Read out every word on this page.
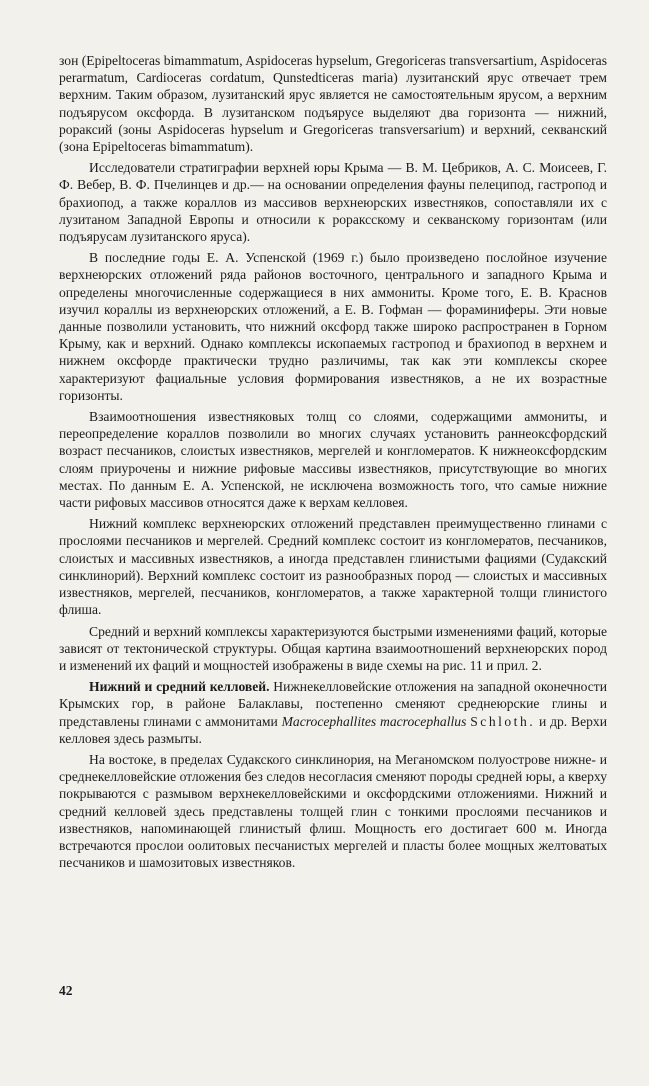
зон (Epipeltoceras bimammatum, Aspidoceras hypselum, Gregoriceras transversartium, Aspidoceras perarmatum, Cardioceras cordatum, Qunstedticeras maria) лузитанский ярус отвечает трем верхним. Таким образом, лузитанский ярус является не самостоятельным ярусом, а верхним подъярусом оксфорда. В лузитанском подъярусе выделяют два горизонта — нижний, рораксий (зоны Aspidoceras hypselum и Gregoriceras transversarium) и верхний, секванский (зона Epipeltoceras bimammatum).

Исследователи стратиграфии верхней юры Крыма — В. М. Цебриков, А. С. Моисеев, Г. Ф. Вебер, В. Ф. Пчелинцев и др.— на основании определения фауны пелеципод, гастропод и брахиопод, а также кораллов из массивов верхнеюрских известняков, сопоставляли их с лузитаном Западной Европы и относили к рораксскому и секванскому горизонтам (или подъярусам лузитанского яруса).

В последние годы Е. А. Успенской (1969 г.) было произведено послойное изучение верхнеюрских отложений ряда районов восточного, центрального и западного Крыма и определены многочисленные содержащиеся в них аммониты. Кроме того, Е. В. Краснов изучил кораллы из верхнеюрских отложений, а Е. В. Гофман — фораминиферы. Эти новые данные позволили установить, что нижний оксфорд также широко распространен в Горном Крыму, как и верхний. Однако комплексы ископаемых гастропод и брахиопод в верхнем и нижнем оксфорде практически трудно различимы, так как эти комплексы скорее характеризуют фациальные условия формирования известняков, а не их возрастные горизонты.

Взаимоотношения известняковых толщ со слоями, содержащими аммониты, и переопределение кораллов позволили во многих случаях установить раннеоксфордский возраст песчаников, слоистых известняков, мергелей и конгломератов. К нижнеоксфордским слоям приурочены и нижние рифовые массивы известняков, присутствующие во многих местах. По данным Е. А. Успенской, не исключена возможность того, что самые нижние части рифовых массивов относятся даже к верхам келловея.

Нижний комплекс верхнеюрских отложений представлен преимущественно глинами с прослоями песчаников и мергелей. Средний комплекс состоит из конгломератов, песчаников, слоистых и массивных известняков, а иногда представлен глинистыми фациями (Судакский синклинорий). Верхний комплекс состоит из разнообразных пород — слоистых и массивных известняков, мергелей, песчаников, конгломератов, а также характерной толщи глинистого флиша.

Средний и верхний комплексы характеризуются быстрыми изменениями фаций, которые зависят от тектонической структуры. Общая картина взаимоотношений верхнеюрских пород и изменений их фаций и мощностей изображены в виде схемы на рис. 11 и прил. 2.

Нижний и средний келловей. Нижнекелловейские отложения на западной оконечности Крымских гор, в районе Балаклавы, постепенно сменяют среднеюрские глины и представлены глинами с аммонитами Macrocephallites macrocephallus Schloth. и др. Верхи келловея здесь размыты.

На востоке, в пределах Судакского синклинория, на Меганомском полуострове нижне- и среднекелловейские отложения без следов несогласия сменяют породы средней юры, а кверху покрываются с размывом верхнекелловейскими и оксфордскими отложениями. Нижний и средний келловей здесь представлены толщей глин с тонкими прослоями песчаников и известняков, напоминающей глинистый флиш. Мощность его достигает 600 м. Иногда встречаются прослои оолитовых песчанистых мергелей и пласты более мощных желтоватых песчаников и шамозитовых известняков.

42
